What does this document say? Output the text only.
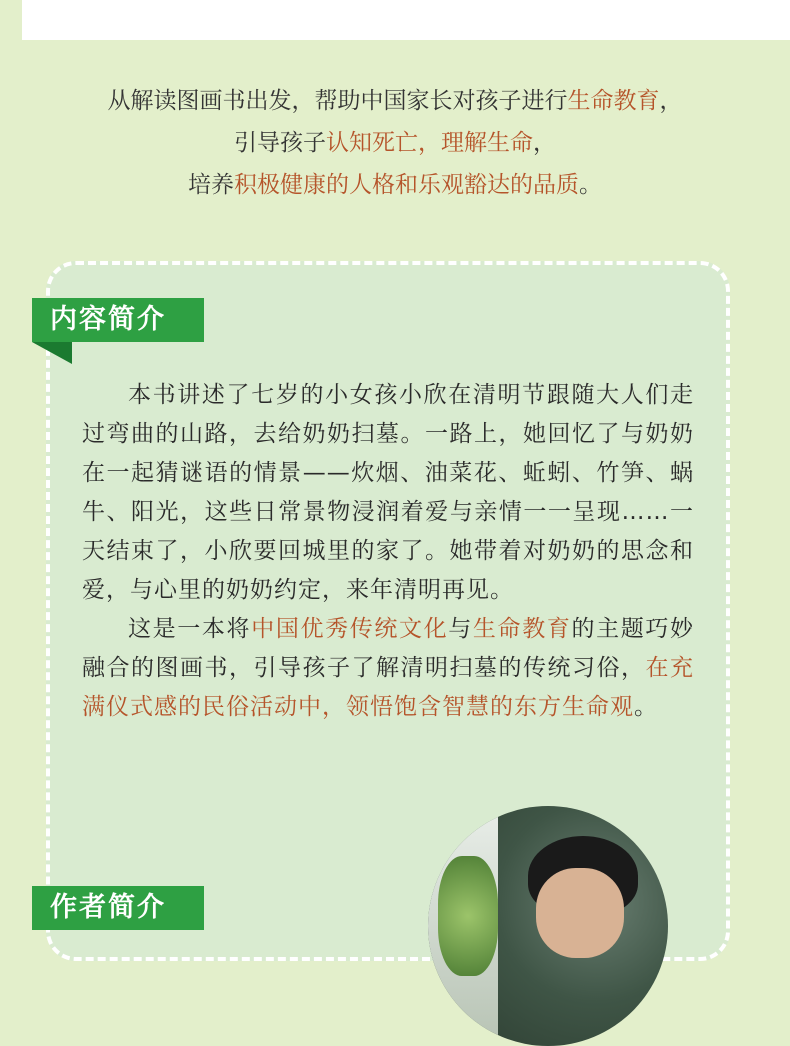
从解读图画书出发，帮助中国家长对孩子进行生命教育，
引导孩子认知死亡，理解生命，
培养积极健康的人格和乐观豁达的品质。
内容简介

本书讲述了七岁的小女孩小欣在清明节跟随大人们走过弯曲的山路，去给奶奶扫墓。一路上，她回忆了与奶奶在一起猜谜语的情景——炊烟、油菜花、蚯蚓、竹笋、蜗牛、阳光，这些日常景物浸润着爱与亲情一一呈现……一天结束了，小欣要回城里的家了。她带着对奶奶的思念和爱，与心里的奶奶约定，来年清明再见。

这是一本将中国优秀传统文化与生命教育的主题巧妙融合的图画书，引导孩子了解清明扫墓的传统习俗，在充满仪式感的民俗活动中，领悟饱含智慧的东方生命观。

作者简介
